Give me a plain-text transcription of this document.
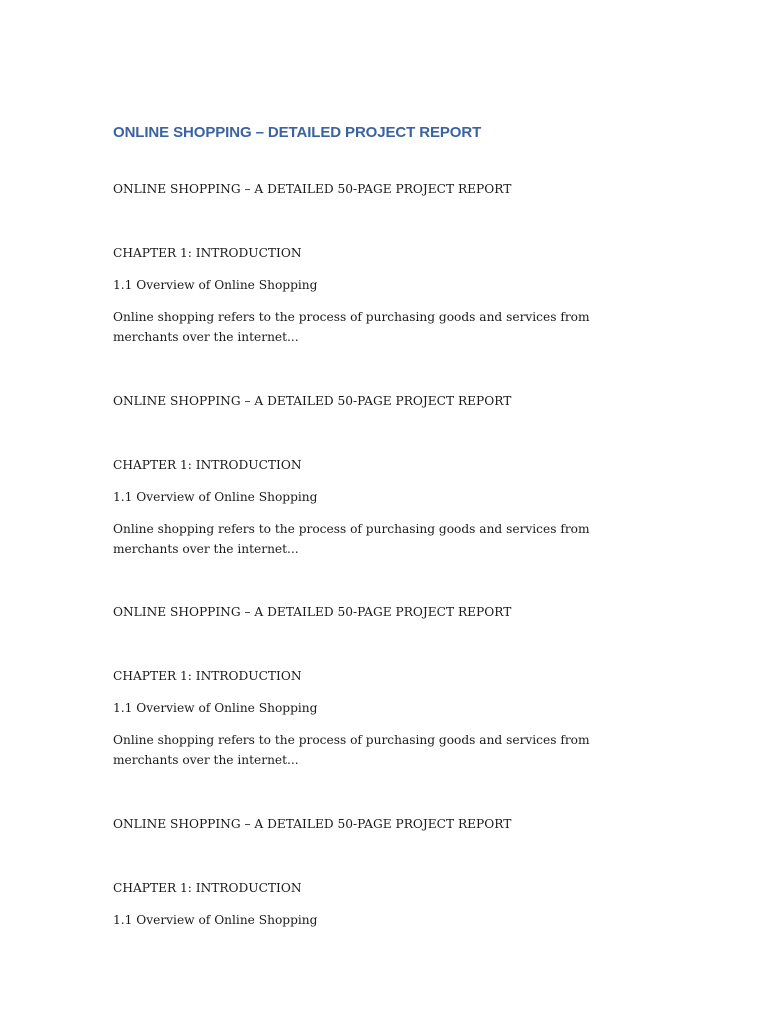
ONLINE SHOPPING – DETAILED PROJECT REPORT

ONLINE SHOPPING – A DETAILED 50-PAGE PROJECT REPORT

CHAPTER 1: INTRODUCTION

1.1 Overview of Online Shopping

Online shopping refers to the process of purchasing goods and services from merchants over the internet...

ONLINE SHOPPING – A DETAILED 50-PAGE PROJECT REPORT

CHAPTER 1: INTRODUCTION

1.1 Overview of Online Shopping

Online shopping refers to the process of purchasing goods and services from merchants over the internet...

ONLINE SHOPPING – A DETAILED 50-PAGE PROJECT REPORT

CHAPTER 1: INTRODUCTION

1.1 Overview of Online Shopping

Online shopping refers to the process of purchasing goods and services from merchants over the internet...

ONLINE SHOPPING – A DETAILED 50-PAGE PROJECT REPORT

CHAPTER 1: INTRODUCTION

1.1 Overview of Online Shopping
